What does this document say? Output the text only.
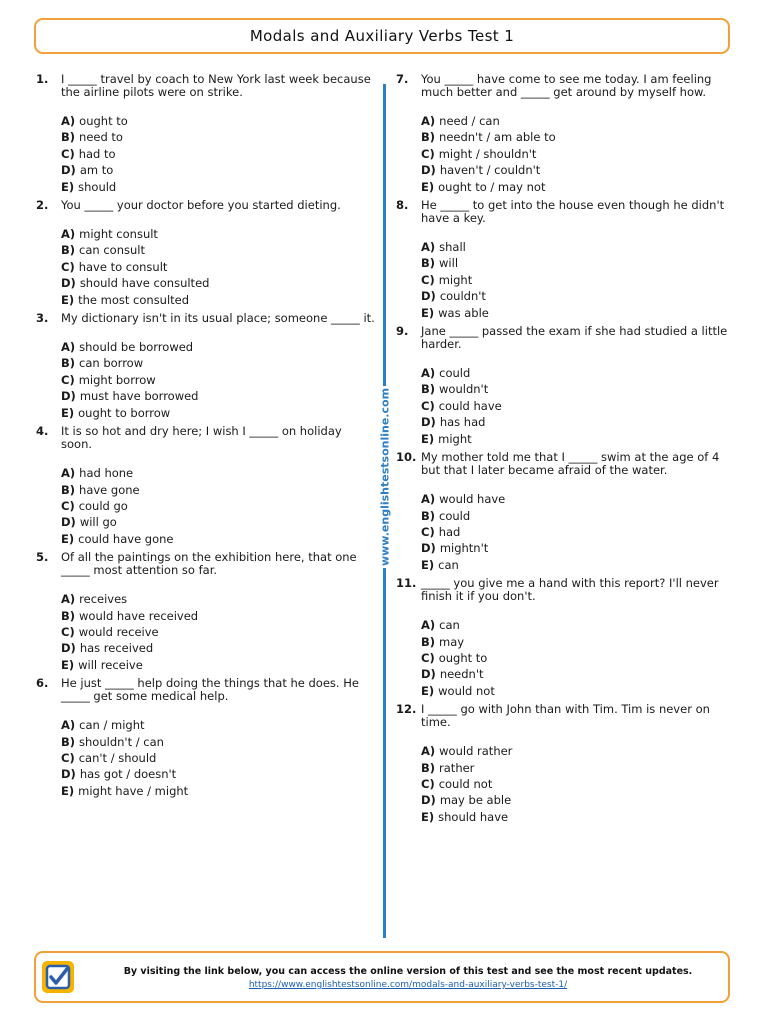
Modals and Auxiliary Verbs Test 1
1.	I _____ travel by coach to New York last week because the airline pilots were on strike.
A) ought to
B) need to
C) had to
D) am to
E) should
2.	You _____ your doctor before you started dieting.
A) might consult
B) can consult
C) have to consult
D) should have consulted
E) the most consulted
3.	My dictionary isn't in its usual place; someone _____ it.
A) should be borrowed
B) can borrow
C) might borrow
D) must have borrowed
E) ought to borrow
4.	It is so hot and dry here; I wish I _____ on holiday soon.
A) had hone
B) have gone
C) could go
D) will go
E) could have gone
5.	Of all the paintings on the exhibition here, that one _____ most attention so far.
A) receives
B) would have received
C) would receive
D) has received
E) will receive
6.	He just _____ help doing the things that he does. He _____ get some medical help.
A) can / might
B) shouldn't / can
C) can't / should
D) has got / doesn't
E) might have / might
www.englishtestsonline.com
7.	You _____ have come to see me today. I am feeling much better and _____ get around by myself how.
A) need / can
B) needn't / am able to
C) might / shouldn't
D) haven't / couldn't
E) ought to / may not
8.	He _____ to get into the house even though he didn't have a key.
A) shall
B) will
C) might
D) couldn't
E) was able
9.	Jane _____ passed the exam if she had studied a little harder.
A) could
B) wouldn't
C) could have
D) has had
E) might
10. My mother told me that I _____ swim at the age of 4 but that I later became afraid of the water.
A) would have
B) could
C) had
D) mightn't
E) can
11. _____ you give me a hand with this report? I'll never finish it if you don't.
A) can
B) may
C) ought to
D) needn't
E) would not
12. I _____ go with John than with Tim. Tim is never on time.
A) would rather
B) rather
C) could not
D) may be able
E) should have
By visiting the link below, you can access the online version of this test and see the most recent updates.
https://www.englishtestsonline.com/modals-and-auxiliary-verbs-test-1/
